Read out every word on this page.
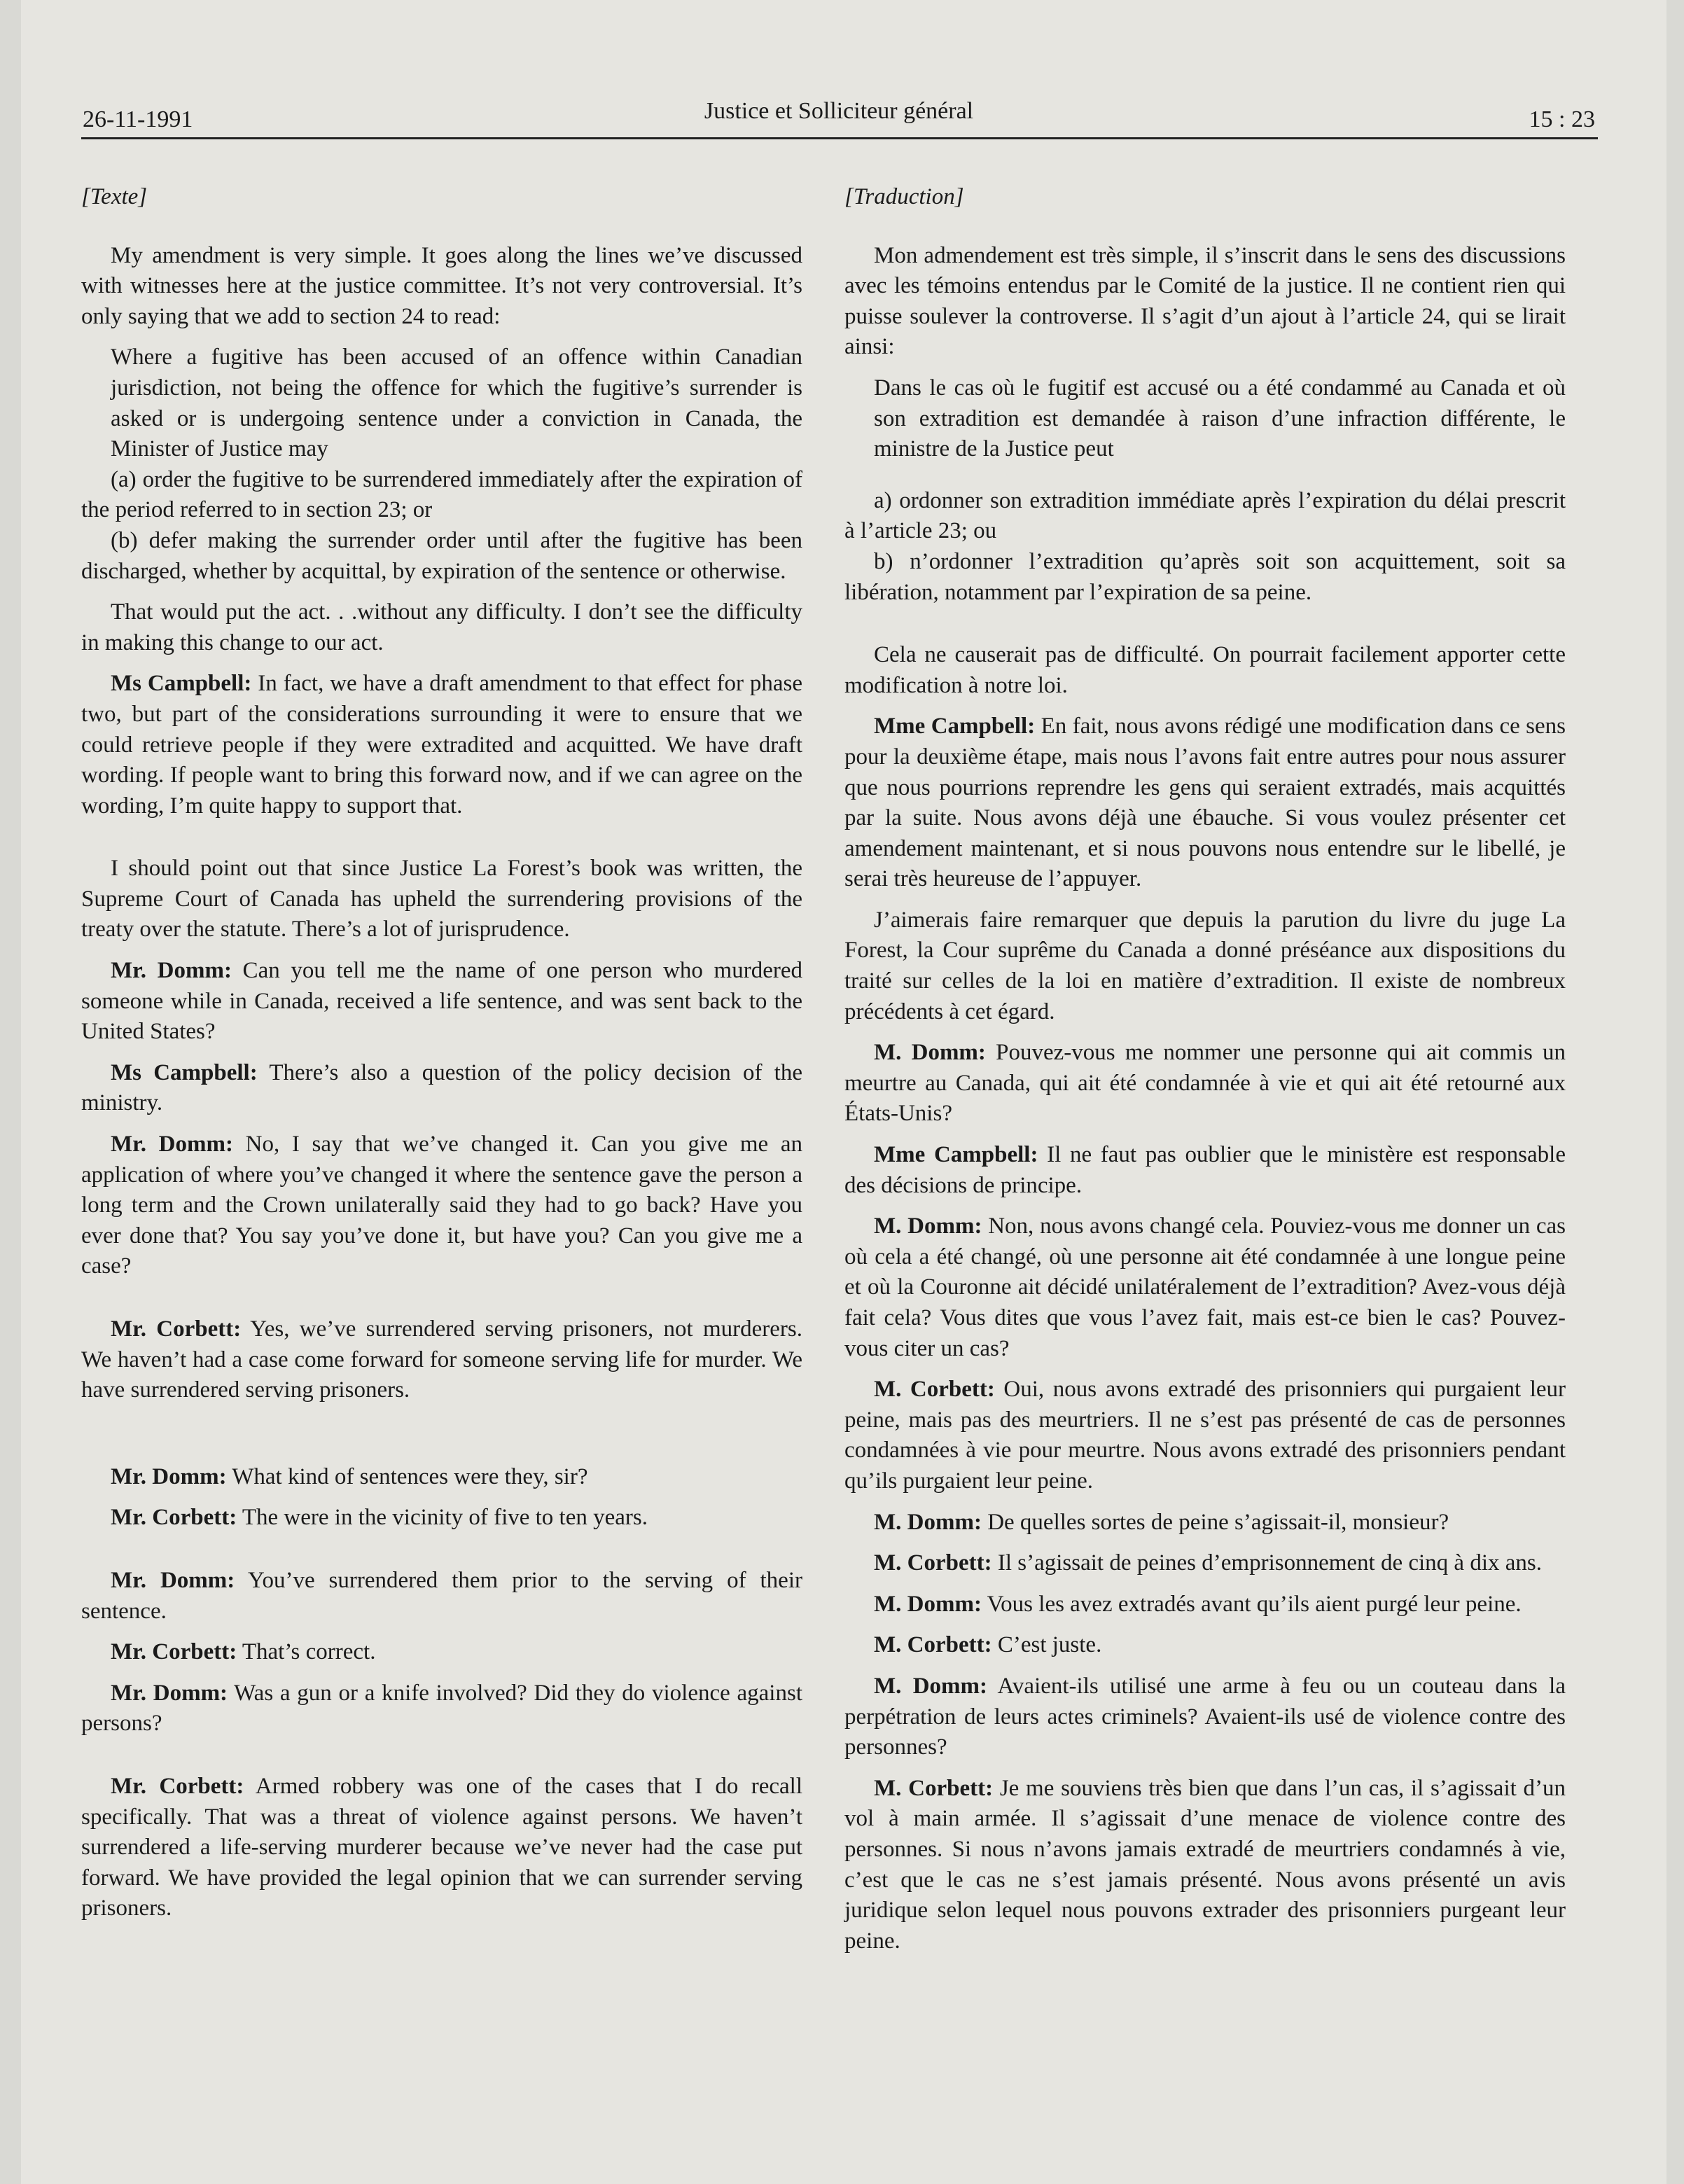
26-11-1991	Justice et Solliciteur général	15 : 23

[Texte]

My amendment is very simple. It goes along the lines we’ve discussed with witnesses here at the justice committee. It’s not very controversial. It’s only saying that we add to section 24 to read:

Where a fugitive has been accused of an offence within Canadian jurisdiction, not being the offence for which the fugitive’s surrender is asked or is undergoing sentence under a conviction in Canada, the Minister of Justice may

(a) order the fugitive to be surrendered immediately after the expiration of the period referred to in section 23; or

(b) defer making the surrender order until after the fugitive has been discharged, whether by acquittal, by expiration of the sentence or otherwise.

That would put the act. . .without any difficulty. I don’t see the difficulty in making this change to our act.

Ms Campbell: In fact, we have a draft amendment to that effect for phase two, but part of the considerations surrounding it were to ensure that we could retrieve people if they were extradited and acquitted. We have draft wording. If people want to bring this forward now, and if we can agree on the wording, I’m quite happy to support that.

I should point out that since Justice La Forest’s book was written, the Supreme Court of Canada has upheld the surrendering provisions of the treaty over the statute. There’s a lot of jurisprudence.

Mr. Domm: Can you tell me the name of one person who murdered someone while in Canada, received a life sentence, and was sent back to the United States?

Ms Campbell: There’s also a question of the policy decision of the ministry.

Mr. Domm: No, I say that we’ve changed it. Can you give me an application of where you’ve changed it where the sentence gave the person a long term and the Crown unilaterally said they had to go back? Have you ever done that? You say you’ve done it, but have you? Can you give me a case?

Mr. Corbett: Yes, we’ve surrendered serving prisoners, not murderers. We haven’t had a case come forward for someone serving life for murder. We have surrendered serving prisoners.

Mr. Domm: What kind of sentences were they, sir?

Mr. Corbett: The were in the vicinity of five to ten years.

Mr. Domm: You’ve surrendered them prior to the serving of their sentence.

Mr. Corbett: That’s correct.

Mr. Domm: Was a gun or a knife involved? Did they do violence against persons?

Mr. Corbett: Armed robbery was one of the cases that I do recall specifically. That was a threat of violence against persons. We haven’t surrendered a life-serving murderer because we’ve never had the case put forward. We have provided the legal opinion that we can surrender serving prisoners.

[Traduction]

Mon admendement est très simple, il s’inscrit dans le sens des discussions avec les témoins entendus par le Comité de la justice. Il ne contient rien qui puisse soulever la controverse. Il s’agit d’un ajout à l’article 24, qui se lirait ainsi:

Dans le cas où le fugitif est accusé ou a été condammé au Canada et où son extradition est demandée à raison d’une infraction différente, le ministre de la Justice peut

a) ordonner son extradition immédiate après l’expiration du délai prescrit à l’article 23; ou

b) n’ordonner l’extradition qu’après soit son acquittement, soit sa libération, notamment par l’expiration de sa peine.

Cela ne causerait pas de difficulté. On pourrait facilement apporter cette modification à notre loi.

Mme Campbell: En fait, nous avons rédigé une modification dans ce sens pour la deuxième étape, mais nous l’avons fait entre autres pour nous assurer que nous pourrions reprendre les gens qui seraient extradés, mais acquittés par la suite. Nous avons déjà une ébauche. Si vous voulez présenter cet amendement maintenant, et si nous pouvons nous entendre sur le libellé, je serai très heureuse de l’appuyer.

J’aimerais faire remarquer que depuis la parution du livre du juge La Forest, la Cour suprême du Canada a donné préséance aux dispositions du traité sur celles de la loi en matière d’extradition. Il existe de nombreux précédents à cet égard.

M. Domm: Pouvez-vous me nommer une personne qui ait commis un meurtre au Canada, qui ait été condamnée à vie et qui ait été retourné aux États-Unis?

Mme Campbell: Il ne faut pas oublier que le ministère est responsable des décisions de principe.

M. Domm: Non, nous avons changé cela. Pouviez-vous me donner un cas où cela a été changé, où une personne ait été condamnée à une longue peine et où la Couronne ait décidé unilatéralement de l’extradition? Avez-vous déjà fait cela? Vous dites que vous l’avez fait, mais est-ce bien le cas? Pouvez-vous citer un cas?

M. Corbett: Oui, nous avons extradé des prisonniers qui purgaient leur peine, mais pas des meurtriers. Il ne s’est pas présenté de cas de personnes condamnées à vie pour meurtre. Nous avons extradé des prisonniers pendant qu’ils purgaient leur peine.

M. Domm: De quelles sortes de peine s’agissait-il, monsieur?

M. Corbett: Il s’agissait de peines d’emprisonnement de cinq à dix ans.

M. Domm: Vous les avez extradés avant qu’ils aient purgé leur peine.

M. Corbett: C’est juste.

M. Domm: Avaient-ils utilisé une arme à feu ou un couteau dans la perpétration de leurs actes criminels? Avaient-ils usé de violence contre des personnes?

M. Corbett: Je me souviens très bien que dans l’un cas, il s’agissait d’un vol à main armée. Il s’agissait d’une menace de violence contre des personnes. Si nous n’avons jamais extradé de meurtriers condamnés à vie, c’est que le cas ne s’est jamais présenté. Nous avons présenté un avis juridique selon lequel nous pouvons extrader des prisonniers purgeant leur peine.
